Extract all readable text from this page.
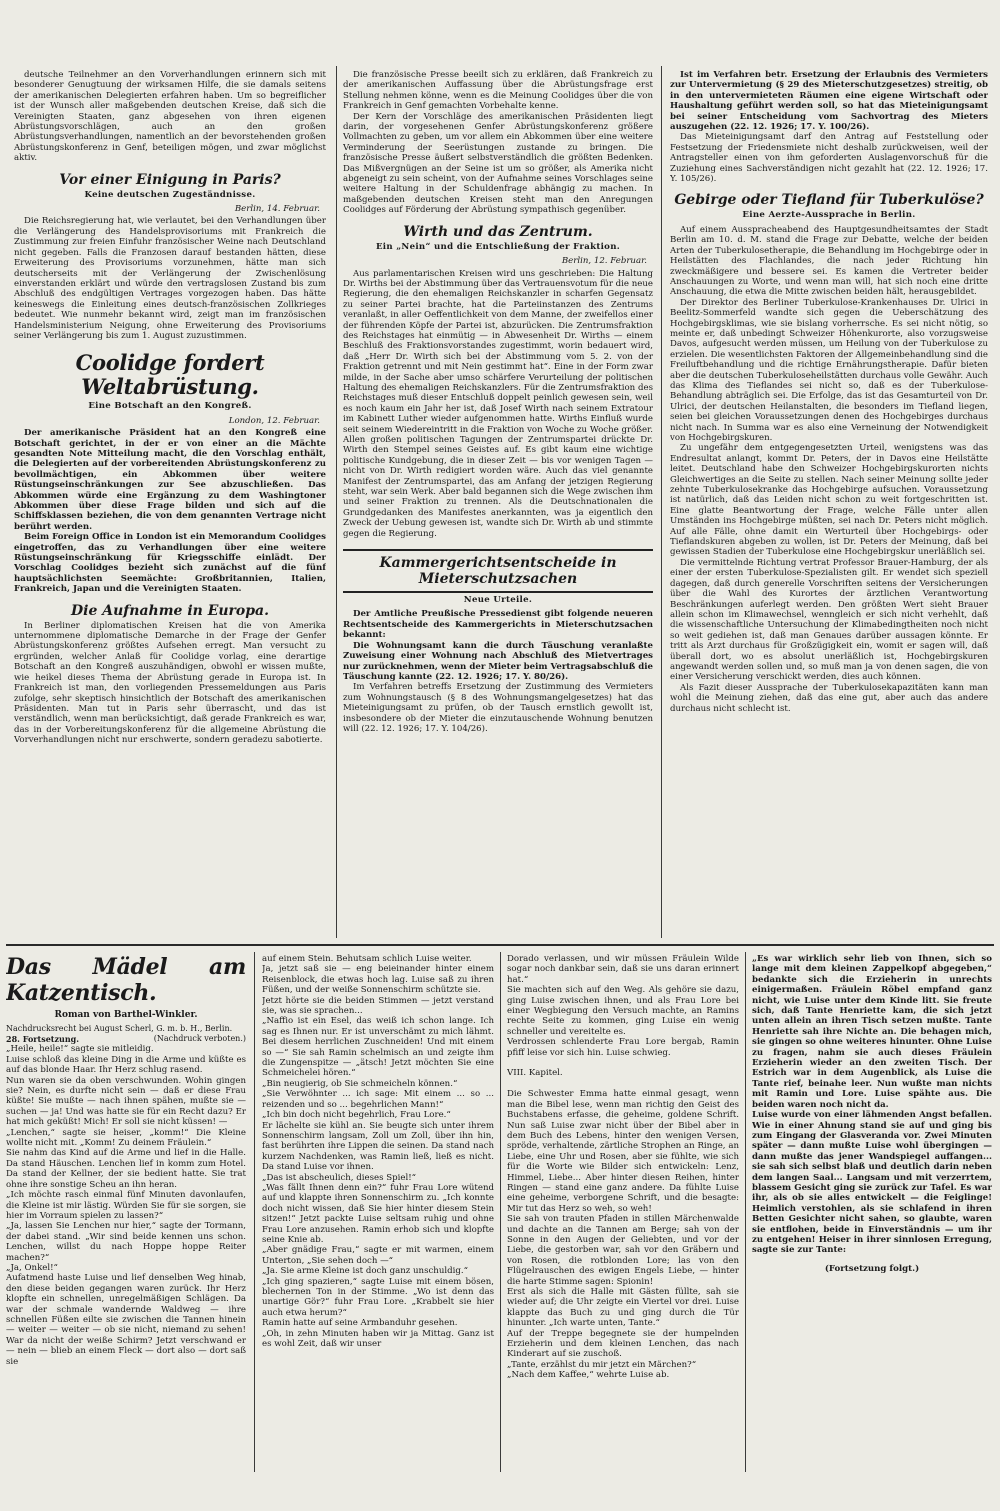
deutsche Teilnehmer an den Vorverhandlungen erinnern sich mit besonderer Genugtuung der wirksamen Hilfe, die sie damals seitens der amerikanischen Delegierten erfahren haben. Um so begreiflicher ist der Wunsch aller maßgebenden deutschen Kreise, daß sich die Vereinigten Staaten, ganz abgesehen von ihren eigenen Abrüstungsvorschlägen, auch an den großen Abrüstungsverhandlungen, namentlich an der bevorstehenden großen Abrüstungskonferenz in Genf, beteiligen mögen, und zwar möglichst aktiv.

Vor einer Einigung in Paris?
Keine deutschen Zugeständnisse.
Berlin, 14. Februar.

Die Reichsregierung hat, wie verlautet, bei den Verhandlungen über die Verlängerung des Handelsprovisoriums mit Frankreich die Zustimmung zur freien Einfuhr französischer Weine nach Deutschland nicht gegeben. Falls die Franzosen darauf bestanden hätten, diese Erweiterung des Provisoriums vorzunehmen, hätte man sich deutscherseits mit der Verlängerung der Zwischenlösung einverstanden erklärt und würde den vertragslosen Zustand bis zum Abschluß des endgültigen Vertrages vorgezogen haben. Das hätte keineswegs die Einleitung eines deutsch-französischen Zollkrieges bedeutet. Wie nunmehr bekannt wird, zeigt man im französischen Handelsministerium Neigung, ohne Erweiterung des Provisoriums seiner Verlängerung bis zum 1. August zuzustimmen.

Coolidge fordert Weltabrüstung.
Eine Botschaft an den Kongreß.
London, 12. Februar.

Der amerikanische Präsident hat an den Kongreß eine Botschaft gerichtet, in der er von einer an die Mächte gesandten Note Mitteilung macht, die den Vorschlag enthält, die Delegierten auf der vorbereitenden Abrüstungskonferenz zu bevollmächtigen, ein Abkommen über weitere Rüstungseinschränkungen zur See abzuschließen. Das Abkommen würde eine Ergänzung zu dem Washingtoner Abkommen über diese Frage bilden und sich auf die Schiffsklassen beziehen, die von dem genannten Vertrage nicht berührt werden.

Beim Foreign Office in London ist ein Memorandum Coolidges eingetroffen, das zu Verhandlungen über eine weitere Rüstungseinschränkung für Kriegsschiffe einlädt. Der Vorschlag Coolidges bezieht sich zunächst auf die fünf hauptsächlichsten Seemächte: Großbritannien, Italien, Frankreich, Japan und die Vereinigten Staaten.

Die Aufnahme in Europa.

In Berliner diplomatischen Kreisen hat die von Amerika unternommene diplomatische Demarche in der Frage der Genfer Abrüstungskonferenz größtes Aufsehen erregt. Man versucht zu ergründen, welcher Anlaß für Coolidge vorlag, eine derartige Botschaft an den Kongreß auszuhändigen, obwohl er wissen mußte, wie heikel dieses Thema der Abrüstung gerade in Europa ist. In Frankreich ist man, den vorliegenden Pressemeldungen aus Paris zufolge, sehr skeptisch hinsichtlich der Botschaft des amerikanischen Präsidenten. Man tut in Paris sehr überrascht, und das ist verständlich, wenn man berücksichtigt, daß gerade Frankreich es war, das in der Vorbereitungskonferenz für die allgemeine Abrüstung die Vorverhandlungen nicht nur erschwerte, sondern geradezu sabotierte.

Die französische Presse beeilt sich zu erklären, daß Frankreich zu der amerikanischen Auffassung über die Abrüstungsfrage erst Stellung nehmen könne, wenn es die Meinung Coolidges über die von Frankreich in Genf gemachten Vorbehalte kenne.

Der Kern der Vorschläge des amerikanischen Präsidenten liegt darin, der vorgesehenen Genfer Abrüstungskonferenz größere Vollmachten zu geben, um vor allem ein Abkommen über eine weitere Verminderung der Seerüstungen zustande zu bringen. Die französische Presse äußert selbstverständlich die größten Bedenken. Das Mißvergnügen an der Seine ist um so größer, als Amerika nicht abgeneigt zu sein scheint, von der Aufnahme seines Vorschlages seine weitere Haltung in der Schuldenfrage abhängig zu machen. In maßgebenden deutschen Kreisen steht man den Anregungen Coolidges auf Förderung der Abrüstung sympathisch gegenüber.

Wirth und das Zentrum.
Ein „Nein“ und die Entschließung der Fraktion.
Berlin, 12. Februar.

Aus parlamentarischen Kreisen wird uns geschrieben: Die Haltung Dr. Wirths bei der Abstimmung über das Vertrauensvotum für die neue Regierung, die den ehemaligen Reichskanzler in scharfen Gegensatz zu seiner Partei brachte, hat die Parteiinstanzen des Zentrums veranlaßt, in aller Oeffentlichkeit von dem Manne, der zweifellos einer der führenden Köpfe der Partei ist, abzurücken. Die Zentrumsfraktion des Reichstages hat einmütig — in Abwesenheit Dr. Wirths — einem Beschluß des Fraktionsvorstandes zugestimmt, worin bedauert wird, daß „Herr Dr. Wirth sich bei der Abstimmung vom 5. 2. von der Fraktion getrennt und mit Nein gestimmt hat“. Eine in der Form zwar milde, in der Sache aber umso schärfere Verurteilung der politischen Haltung des ehemaligen Reichskanzlers. Für die Zentrumsfraktion des Reichstages muß dieser Entschluß doppelt peinlich gewesen sein, weil es noch kaum ein Jahr her ist, daß Josef Wirth nach seinem Extratour im Kabinett Luther wieder aufgenommen hatte. Wirths Einfluß wurde seit seinem Wiedereintritt in die Fraktion von Woche zu Woche größer. Allen großen politischen Tagungen der Zentrumspartei drückte Dr. Wirth den Stempel seines Geistes auf. Es gibt kaum eine wichtige politische Kundgebung, die in dieser Zeit — bis vor wenigen Tagen — nicht von Dr. Wirth redigiert worden wäre. Auch das viel genannte Manifest der Zentrumspartei, das am Anfang der jetzigen Regierung steht, war sein Werk. Aber bald begannen sich die Wege zwischen ihm und seiner Fraktion zu trennen. Als die Deutschnationalen die Grundgedanken des Manifestes anerkannten, was ja eigentlich den Zweck der Uebung gewesen ist, wandte sich Dr. Wirth ab und stimmte gegen die Regierung.

Kammergerichtsentscheide in Mieterschutzsachen
Neue Urteile.

Der Amtliche Preußische Pressedienst gibt folgende neueren Rechtsentscheide des Kammergerichts in Mieterschutzsachen bekannt:

Die Wohnungsamt kann die durch Täuschung veranlaßte Zuweisung einer Wohnung nach Abschluß des Mietvertrages nur zurücknehmen, wenn der Mieter beim Vertragsabschluß die Täuschung kannte (22. 12. 1926; 17. Y. 80/26).

Im Verfahren betreffs Ersetzung der Zustimmung des Vermieters zum Wohnungstausch (§ 8 des Wohnungsmangelgesetzes) hat das Mieteinigungsamt zu prüfen, ob der Tausch ernstlich gewollt ist, insbesondere ob der Mieter die einzutauschende Wohnung benutzen will (22. 12. 1926; 17. Y. 104/26).

Ist im Verfahren betr. Ersetzung der Erlaubnis des Vermieters zur Untervermietung (§ 29 des Mieterschutzgesetzes) streitig, ob in den untervermieteten Räumen eine eigene Wirtschaft oder Haushaltung geführt werden soll, so hat das Mieteinigungsamt bei seiner Entscheidung vom Sachvortrag des Mieters auszugehen (22. 12. 1926; 17. Y. 100/26).

Das Mieteinigungsamt darf den Antrag auf Feststellung oder Festsetzung der Friedensmiete nicht deshalb zurückweisen, weil der Antragsteller einen von ihm geforderten Auslagenvorschuß für die Zuziehung eines Sachverständigen nicht gezahlt hat (22. 12. 1926; 17. Y. 105/26).

Gebirge oder Tiefland für Tuberkulöse?
Eine Aerzte-Aussprache in Berlin.

Auf einem Ausspracheabend des Hauptgesundheitsamtes der Stadt Berlin am 10. d. M. stand die Frage zur Debatte, welche der beiden Arten der Tuberkulosetherapie, die Behandlung im Hochgebirge oder in Heilstätten des Flachlandes, die nach jeder Richtung hin zweckmäßigere und bessere sei. Es kamen die Vertreter beider Anschauungen zu Worte, und wenn man will, hat sich noch eine dritte Anschauung, die etwa die Mitte zwischen beiden hält, herausgebildet.

Der Direktor des Berliner Tuberkulose-Krankenhauses Dr. Ulrici in Beelitz-Sommerfeld wandte sich gegen die Ueberschätzung des Hochgebirgsklimas, wie sie bislang vorherrsche. Es sei nicht nötig, so meinte er, daß unbedingt Schweizer Höhenkurorte, also vorzugsweise Davos, aufgesucht werden müssen, um Heilung von der Tuberkulose zu erzielen. Die wesentlichsten Faktoren der Allgemeinbehandlung sind die Freiluftbehandlung und die richtige Ernährungstherapie. Dafür bieten aber die deutschen Tuberkuloseheilstätten durchaus volle Gewähr. Auch das Klima des Tieflandes sei nicht so, daß es der Tuberkulose-Behandlung abträglich sei. Die Erfolge, das ist das Gesamturteil von Dr. Ulrici, der deutschen Heilanstalten, die besonders im Tiefland liegen, seien bei gleichen Voraussetzungen denen des Hochgebirges durchaus nicht nach. In Summa war es also eine Verneinung der Notwendigkeit von Hochgebirgskuren.

Zu ungefähr dem entgegengesetzten Urteil, wenigstens was das Endresultat anlangt, kommt Dr. Peters, der in Davos eine Heilstätte leitet. Deutschland habe den Schweizer Hochgebirgskurorten nichts Gleichwertiges an die Seite zu stellen. Nach seiner Meinung sollte jeder zehnte Tuberkulosekranke das Hochgebirge aufsuchen. Voraussetzung ist natürlich, daß das Leiden nicht schon zu weit fortgeschritten ist. Eine glatte Beantwortung der Frage, welche Fälle unter allen Umständen ins Hochgebirge müßten, sei nach Dr. Peters nicht möglich. Auf alle Fälle, ohne damit ein Werturteil über Hochgebirgs- oder Tieflandskuren abgeben zu wollen, ist Dr. Peters der Meinung, daß bei gewissen Stadien der Tuberkulose eine Hochgebirgskur unerläßlich sei.

Die vermittelnde Richtung vertrat Professor Brauer-Hamburg, der als einer der ersten Tuberkulose-Spezialisten gilt. Er wendet sich speziell dagegen, daß durch generelle Vorschriften seitens der Versicherungen über die Wahl des Kurortes der ärztlichen Verantwortung Beschränkungen auferlegt werden. Den größten Wert sieht Brauer allein schon im Klimawechsel, wenngleich er sich nicht verhehlt, daß die wissenschaftliche Untersuchung der Klimabedingtheiten noch nicht so weit gediehen ist, daß man Genaues darüber aussagen könnte. Er tritt als Arzt durchaus für Großzügigkeit ein, womit er sagen will, daß überall dort, wo es absolut unerläßlich ist, Hochgebirgskuren angewandt werden sollen und, so muß man ja von denen sagen, die von einer Versicherung verschickt werden, dies auch können.

Als Fazit dieser Aussprache der Tuberkulosekapazitäten kann man wohl die Meinung ziehen, daß das eine gut, aber auch das andere durchaus nicht schlecht ist.

Das Mädel am Katzentisch.
Roman von Barthel-Winkler.
Nachdrucksrecht bei August Scherl, G. m. b. H., Berlin.
28. Fortsetzung.	(Nachdruck verboten.)
„Heile, heile!“ sagte sie mitleidig.
Luise schloß das kleine Ding in die Arme und küßte es auf das blonde Haar. Ihr Herz schlug rasend.
Nun waren sie da oben verschwunden. Wohin gingen sie? Nein, es durfte nicht sein — daß er diese Frau küßte! Sie mußte — nach ihnen spähen, mußte sie — suchen — ja! Und was hatte sie für ein Recht dazu? Er hat mich geküßt! Mich! Er soll sie nicht küssen! —
„Lenchen,“ sagte sie heiser, „komm!“ Die Kleine wollte nicht mit. „Komm! Zu deinem Fräulein.“
Sie nahm das Kind auf die Arme und lief in die Halle. Da stand Häuschen. Lenchen lief in komm zum Hotel. Da stand der Kellner, der sie bedient hatte. Sie trat ohne ihre sonstige Scheu an ihn heran.
„Ich möchte rasch einmal fünf Minuten davonlaufen, die Kleine ist mir lästig. Würden Sie für sie sorgen, sie hier im Vorraum spielen zu lassen?“
„Ja, lassen Sie Lenchen nur hier,“ sagte der Tormann, der dabei stand. „Wir sind beide kennen uns schon. Lenchen, willst du nach Hoppe hoppe Reiter machen?“
„Ja, Onkel!“
Aufatmend haste Luise und lief denselben Weg hinab, den diese beiden gegangen waren zurück. Ihr Herz klopfte ein schnellen, unregelmäßigen Schlägen. Da war der schmale wandernde Waldweg — ihre schnellen Füßen eilte sie zwischen die Tannen hinein — weiter — weiter — ob sie nicht, niemand zu sehen! War da nicht der weiße Schirm? Jetzt verschwand er — nein — blieb an einem Fleck — dort also — dort saß sie
auf einem Stein. Behutsam schlich Luise weiter.
Ja, jetzt saß sie — eng beieinander hinter einem Reisenblock, die etwas hoch lag. Luise saß zu ihren Füßen, und der weiße Sonnenschirm schützte sie.
Jetzt hörte sie die beiden Stimmen — jetzt verstand sie, was sie sprachen...
„Naffio ist ein Esel, das weiß ich schon lange. Ich sag es Ihnen nur. Er ist unverschämt zu mich lähmt. Bei diesem herrlichen Zuschneiden! Und mit einem so —“ Sie sah Ramin schelmisch an und zeigte ihm die Zungenspitze — „ätsch! Jetzt möchten Sie eine Schmeichelei hören.“
„Bin neugierig, ob Sie schmeicheln können.“
„Sie Verwöhnter ... ich sage: Mit einem ... so ... reizenden und so ... begehrlichen Mann!“
„Ich bin doch nicht begehrlich, Frau Lore.“
Er lächelte sie kühl an. Sie beugte sich unter ihrem Sonnenschirm langsam, Zoll um Zoll, über ihn hin, fast berührten ihre Lippen die seinen. Da stand nach kurzem Nachdenken, was Ramin ließ, ließ es nicht. Da stand Luise vor ihnen.
„Das ist abscheulich, dieses Spiel!“
„Was fällt Ihnen denn ein?“ fuhr Frau Lore wütend auf und klappte ihren Sonnenschirm zu. „Ich konnte doch nicht wissen, daß Sie hier hinter diesem Stein sitzen!“ Jetzt packte Luise seltsam ruhig und ohne Frau Lore anzusehen. Ramin erhob sich und klopfte seine Knie ab.
„Aber gnädige Frau,“ sagte er mit warmen, einem Unterton, „Sie sehen doch —“
„Ja. Sie arme Kleine ist doch ganz unschuldig.“
„Ich ging spazieren,“ sagte Luise mit einem bösen, blechernen Ton in der Stimme. „Wo ist denn das unartige Gör?“ fuhr Frau Lore. „Krabbelt sie hier auch etwa herum?“
Ramin hatte auf seine Armbanduhr gesehen.
„Oh, in zehn Minuten haben wir ja Mittag. Ganz ist es wohl Zeit, daß wir unser
Dorado verlassen, und wir müssen Fräulein Wilde sogar noch dankbar sein, daß sie uns daran erinnert hat.“
Sie machten sich auf den Weg. Als gehöre sie dazu, ging Luise zwischen ihnen, und als Frau Lore bei einer Wegbiegung den Versuch machte, an Ramins rechte Seite zu kommen, ging Luise ein wenig schneller und vereitelte es.
Verdrossen schlenderte Frau Lore bergab, Ramin pfiff leise vor sich hin. Luise schwieg.

VIII. Kapitel.

Die Schwester Emma hatte einmal gesagt, wenn man die Bibel lese, wenn man richtig den Geist des Buchstabens erfasse, die geheime, goldene Schrift. Nun saß Luise zwar nicht über der Bibel aber in dem Buch des Lebens, hinter den wenigen Versen, spröde, verhaltende, zärtliche Strophen an Ringe, an Liebe, eine Uhr und Rosen, aber sie fühlte, wie sich für die Worte wie Bilder sich entwickeln: Lenz, Himmel, Liebe... Aber hinter diesen Reihen, hinter Ringen — stand eine ganz andere. Da fühlte Luise eine geheime, verborgene Schrift, und die besagte: Mir tut das Herz so weh, so weh!
Sie sah von trauten Pfaden in stillen Märchenwalde und dachte an die Tannen am Berge; sah von der Sonne in den Augen der Geliebten, und vor der Liebe, die gestorben war, sah vor den Gräbern und von Rosen, die rotblonden Lore; las von den Flügelrauschen des ewigen Engels Liebe, — hinter die harte Stimme sagen: Spionin!
Erst als sich die Halle mit Gästen füllte, sah sie wieder auf; die Uhr zeigte ein Viertel vor drei. Luise klappte das Buch zu und ging durch die Tür hinunter. „Ich warte unten, Tante.“
Auf der Treppe begegnete sie der humpelnden Erzieherin und dem kleinen Lenchen, das nach Kinderart auf sie zuschoß.
„Tante, erzählst du mir jetzt ein Märchen?“
„Nach dem Kaffee,“ wehrte Luise ab.
„Es war wirklich sehr lieb von Ihnen, sich so lange mit dem kleinen Zappelkopf abgegeben,“ bedankte sich die Erzieherin in unrechts einigermaßen. Fräulein Röbel empfand ganz nicht, wie Luise unter dem Kinde litt. Sie freute sich, daß Tante Henriette kam, die sich jetzt unten allein an ihren Tisch setzen mußte. Tante Henriette sah ihre Nichte an. Die behagen mich, sie gingen so ohne weiteres hinunter. Ohne Luise zu fragen, nahm sie auch dieses Fräulein Erzieherin wieder an den zweiten Tisch. Der Estrich war in dem Augenblick, als Luise die Tante rief, beinahe leer. Nun wußte man nichts mit Ramin und Lore. Luise spähte aus. Die beiden waren noch nicht da.
Luise wurde von einer lähmenden Angst befallen. Wie in einer Ahnung stand sie auf und ging bis zum Eingang der Glasveranda vor. Zwei Minuten später — dann mußte Luise wohl übergingen — dann mußte das jener Wandspiegel auffangen... sie sah sich selbst blaß und deutlich darin neben dem langen Saal... Langsam und mit verzerrtem, blassem Gesicht ging sie zurück zur Tafel. Es war ihr, als ob sie alles entwickelt — die Feiglinge! Heimlich verstohlen, als sie schlafend in ihren Betten Gesichter nicht sahen, so glaubte, waren sie entflohen, beide in Einverständnis — um ihr zu entgehen! Heiser in ihrer sinnlosen Erregung, sagte sie zur Tante:
(Fortsetzung folgt.)
